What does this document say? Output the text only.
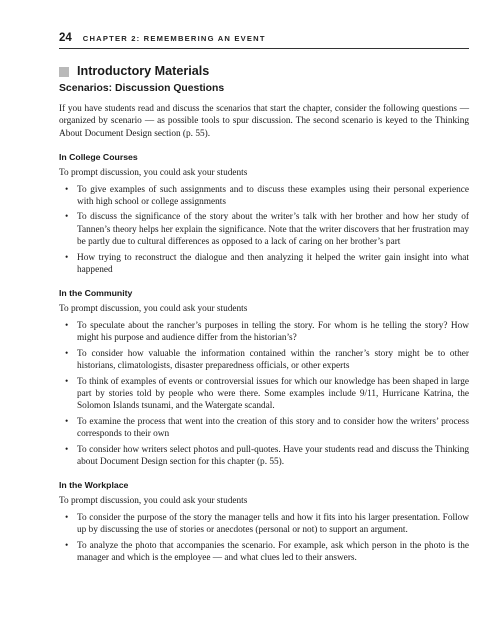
24 CHAPTER 2: REMEMBERING AN EVENT
Introductory Materials
Scenarios: Discussion Questions

If you have students read and discuss the scenarios that start the chapter, consider the following questions — organized by scenario — as possible tools to spur discussion. The second scenario is keyed to the Thinking About Document Design section (p. 55).

In College Courses

To prompt discussion, you could ask your students

• To give examples of such assignments and to discuss these examples using their personal experience with high school or college assignments
• To discuss the significance of the story about the writer’s talk with her brother and how her study of Tannen’s theory helps her explain the significance. Note that the writer discovers that her frustration may be partly due to cultural differences as opposed to a lack of caring on her brother’s part
• How trying to reconstruct the dialogue and then analyzing it helped the writer gain insight into what happened
In the Community

To prompt discussion, you could ask your students

• To speculate about the rancher’s purposes in telling the story. For whom is he telling the story? How might his purpose and audience differ from the historian’s?
• To consider how valuable the information contained within the rancher’s story might be to other historians, climatologists, disaster preparedness officials, or other experts
• To think of examples of events or controversial issues for which our knowledge has been shaped in large part by stories told by people who were there. Some examples include 9/11, Hurricane Katrina, the Solomon Islands tsunami, and the Watergate scandal.
• To examine the process that went into the creation of this story and to consider how the writers’ process corresponds to their own
• To consider how writers select photos and pull-quotes. Have your students read and discuss the Thinking about Document Design section for this chapter (p. 55).
In the Workplace

To prompt discussion, you could ask your students

• To consider the purpose of the story the manager tells and how it fits into his larger presentation. Follow up by discussing the use of stories or anecdotes (personal or not) to support an argument.
• To analyze the photo that accompanies the scenario. For example, ask which person in the photo is the manager and which is the employee — and what clues led to their answers.
